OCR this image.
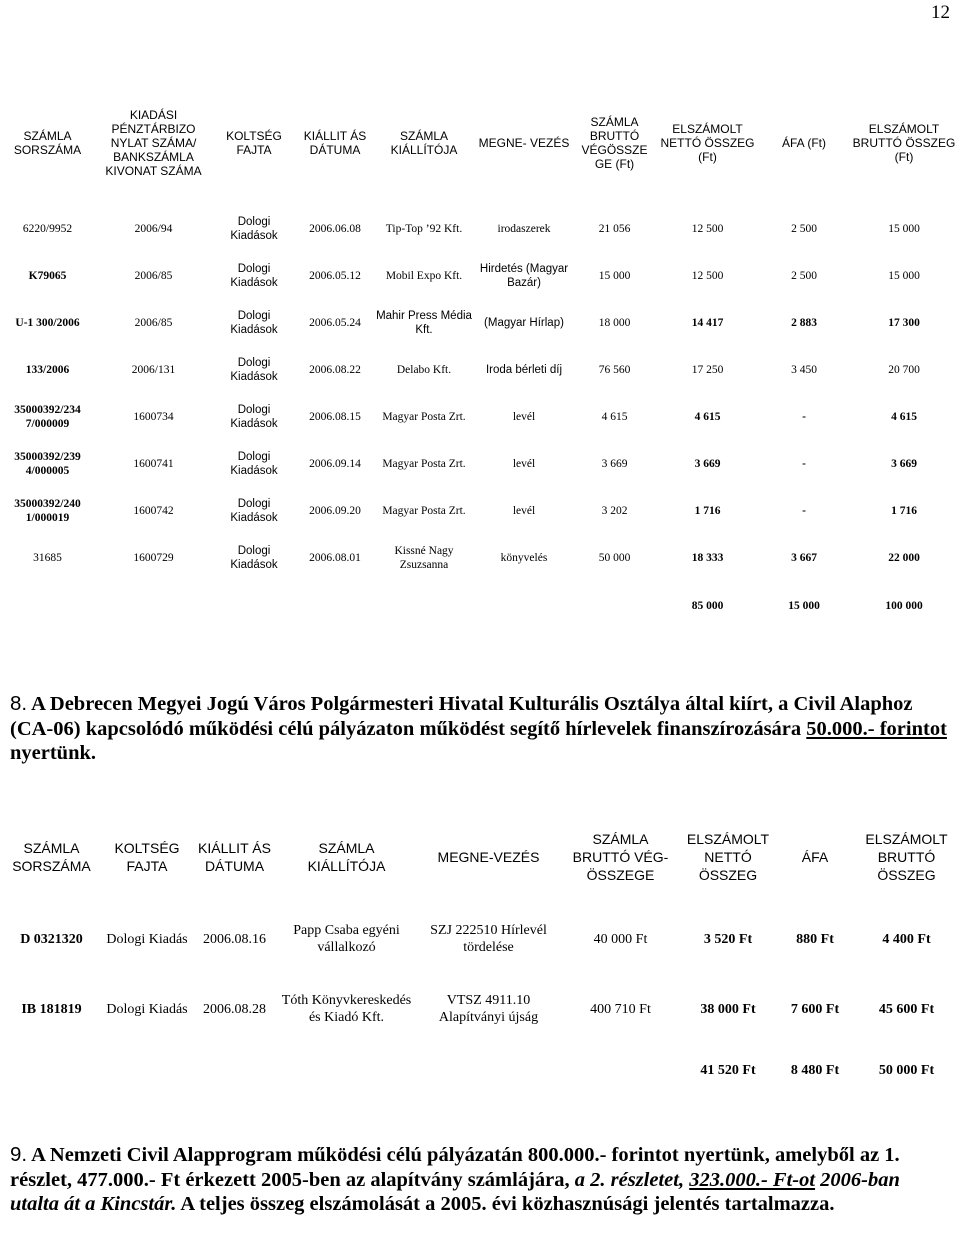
12
SZÁMLA SORSZÁMA	KIADÁSI PÉNZTÁRBIZO NYLAT SZÁMA/ BANKSZÁMLA KIVONAT SZÁMA	KOLTSÉG FAJTA	KIÁLLIT ÁS DÁTUMA	SZÁMLA KIÁLLÍTÓJA	MEGNE- VEZÉS	SZÁMLA BRUTTÓ VÉGÖSSZE GE (Ft)	ELSZÁMOLT NETTÓ ÖSSZEG (Ft)	ÁFA (Ft)	ELSZÁMOLT BRUTTÓ ÖSSZEG (Ft)
6220/9952	2006/94	Dologi Kiadások	2006.06.08	Tip-Top ’92 Kft.	irodaszerek	21 056	12 500	2 500	15 000
K79065	2006/85	Dologi Kiadások	2006.05.12	Mobil Expo Kft.	Hirdetés (Magyar Bazár)	15 000	12 500	2 500	15 000
U-1 300/2006	2006/85	Dologi Kiadások	2006.05.24	Mahir Press Média Kft.	(Magyar Hírlap)	18 000	14 417	2 883	17 300
133/2006	2006/131	Dologi Kiadások	2006.08.22	Delabo Kft.	Iroda bérleti díj	76 560	17 250	3 450	20 700
35000392/234 7/000009	1600734	Dologi Kiadások	2006.08.15	Magyar Posta Zrt.	levél	4 615	4 615	-	4 615
35000392/239 4/000005	1600741	Dologi Kiadások	2006.09.14	Magyar Posta Zrt.	levél	3 669	3 669	-	3 669
35000392/240 1/000019	1600742	Dologi Kiadások	2006.09.20	Magyar Posta Zrt.	levél	3 202	1 716	-	1 716
31685	1600729	Dologi Kiadások	2006.08.01	Kissné Nagy Zsuzsanna	könyvelés	50 000	18 333	3 667	22 000
							85 000	15 000	100 000
8. A Debrecen Megyei Jogú Város Polgármesteri Hivatal Kulturális Osztálya által kiírt, a Civil Alaphoz (CA-06) kapcsolódó működési célú pályázaton működést segítő hírlevelek finanszírozására 50.000.- forintot nyertünk.
SZÁMLA SORSZÁMA	KOLTSÉG FAJTA	KIÁLLIT ÁS DÁTUMA	SZÁMLA KIÁLLÍTÓJA	MEGNE-VEZÉS	SZÁMLA BRUTTÓ VÉG- ÖSSZEGE	ELSZÁMOLT NETTÓ ÖSSZEG	ÁFA	ELSZÁMOLT BRUTTÓ ÖSSZEG
D 0321320	Dologi Kiadás	2006.08.16	Papp Csaba egyéni vállalkozó	SZJ 222510 Hírlevél tördelése	40 000 Ft	3 520 Ft	880 Ft	4 400 Ft
IB 181819	Dologi Kiadás	2006.08.28	Tóth Könyvkereskedés és Kiadó Kft.	VTSZ 4911.10 Alapítványi újság	400 710 Ft	38 000 Ft	7 600 Ft	45 600 Ft
						41 520 Ft	8 480 Ft	50 000 Ft
9. A Nemzeti Civil Alapprogram működési célú pályázatán 800.000.- forintot nyertünk, amelyből az 1. részlet, 477.000.- Ft érkezett 2005-ben az alapítvány számlájára, a 2. részletet, 323.000.- Ft-ot 2006-ban utalta át a Kincstár. A teljes összeg elszámolását a 2005. évi közhasznúsági jelentés tartalmazza.
